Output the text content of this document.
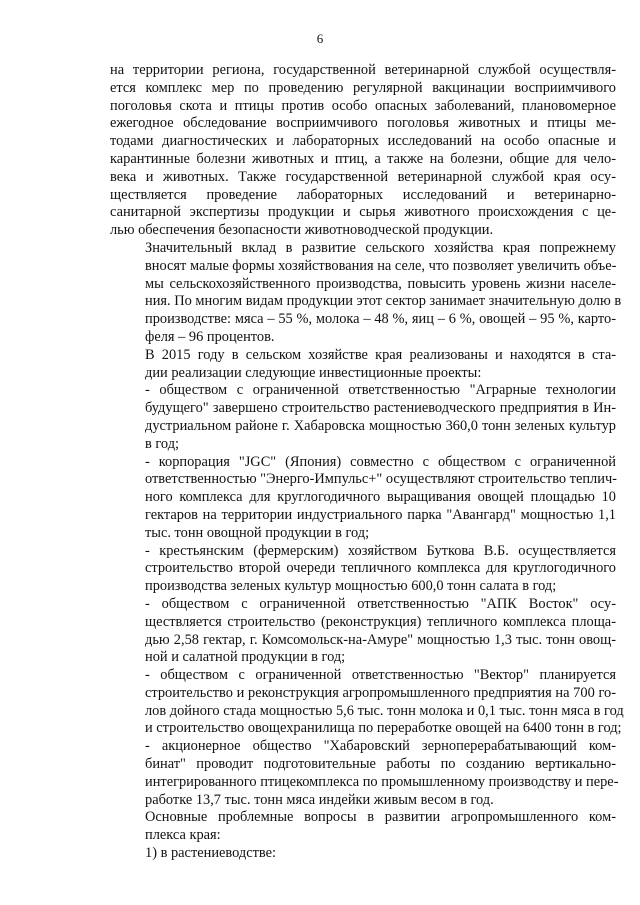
6

на территории региона, государственной ветеринарной службой осуществля-
ется комплекс мер по проведению регулярной вакцинации восприимчивого
поголовья скота и птицы против особо опасных заболеваний, плановомерное
ежегодное обследование восприимчивого поголовья животных и птицы ме-
тодами диагностических и лабораторных исследований на особо опасные и
карантинные болезни животных и птиц, а также на болезни, общие для чело-
века и животных. Также государственной ветеринарной службой края осу-
ществляется проведение лабораторных исследований и ветеринарно-
санитарной экспертизы продукции и сырья животного происхождения с це-
лью обеспечения безопасности животноводческой продукции.

Значительный вклад в развитие сельского хозяйства края попрежнему
вносят малые формы хозяйствования на селе, что позволяет увеличить объе-
мы сельскохозяйственного производства, повысить уровень жизни населе-
ния. По многим видам продукции этот сектор занимает значительную долю в
производстве: мяса – 55 %, молока – 48 %, яиц – 6 %, овощей – 95 %, карто-
феля – 96 процентов.

В 2015 году в сельском хозяйстве края реализованы и находятся в ста-
дии реализации следующие инвестиционные проекты:

- обществом с ограниченной ответственностью "Аграрные технологии
будущего" завершено строительство растениеводческого предприятия в Ин-
дустриальном районе г. Хабаровска мощностью 360,0 тонн зеленых культур
в год;

- корпорация "JGC" (Япония) совместно с обществом с ограниченной
ответственностью "Энерго-Импульс+" осуществляют строительство теплич-
ного комплекса для круглогодичного выращивания овощей площадью 10
гектаров на территории индустриального парка "Авангард" мощностью 1,1
тыс. тонн овощной продукции в год;

- крестьянским (фермерским) хозяйством Буткова В.Б. осуществляется
строительство второй очереди тепличного комплекса для круглогодичного
производства зеленых культур мощностью 600,0 тонн салата в год;

- обществом с ограниченной ответственностью "АПК Восток" осу-
ществляется строительство (реконструкция) тепличного комплекса площа-
дью 2,58 гектар, г. Комсомольск-на-Амуре" мощностью 1,3 тыс. тонн овощ-
ной и салатной продукции в год;

- обществом с ограниченной ответственностью "Вектор" планируется
строительство и реконструкция агропромышленного предприятия на 700 го-
лов дойного стада мощностью 5,6 тыс. тонн молока и 0,1 тыс. тонн мяса в год
и строительство овощехранилища по переработке овощей на 6400 тонн в год;

- акционерное общество "Хабаровский зерноперерабатывающий ком-
бинат" проводит подготовительные работы по созданию вертикально-
интегрированного птицекомплекса по промышленному производству и пере-
работке 13,7 тыс. тонн мяса индейки живым весом в год.

Основные проблемные вопросы в развитии агропромышленного ком-
плекса края:

1) в растениеводстве:
